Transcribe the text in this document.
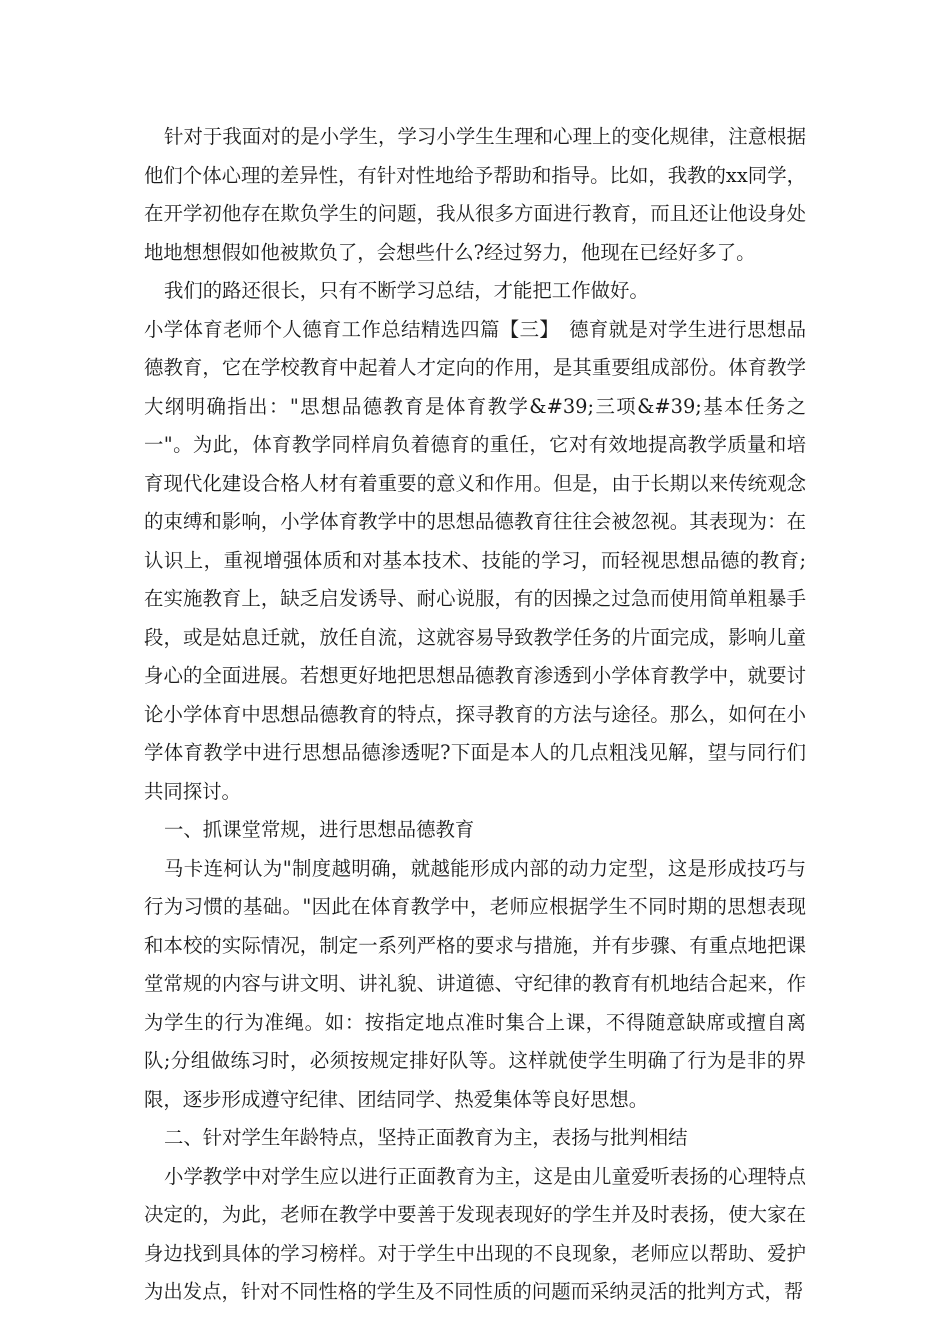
针对于我面对的是小学生，学习小学生生理和心理上的变化规律，注意根据他们个体心理的差异性，有针对性地给予帮助和指导。比如，我教的xx同学，在开学初他存在欺负学生的问题，我从很多方面进行教育，而且还让他设身处地地想想假如他被欺负了，会想些什么?经过努力，他现在已经好多了。

我们的路还很长，只有不断学习总结，才能把工作做好。

小学体育老师个人德育工作总结精选四篇【三】　德育就是对学生进行思想品德教育，它在学校教育中起着人才定向的作用，是其重要组成部份。体育教学大纲明确指出："思想品德教育是体育教学&#39;三项&#39;基本任务之一"。为此，体育教学同样肩负着德育的重任，它对有效地提高教学质量和培育现代化建设合格人材有着重要的意义和作用。但是，由于长期以来传统观念的束缚和影响，小学体育教学中的思想品德教育往往会被忽视。其表现为：在认识上，重视增强体质和对基本技术、技能的学习，而轻视思想品德的教育;在实施教育上，缺乏启发诱导、耐心说服，有的因操之过急而使用简单粗暴手段，或是姑息迁就，放任自流，这就容易导致教学任务的片面完成，影响儿童身心的全面进展。若想更好地把思想品德教育渗透到小学体育教学中，就要讨论小学体育中思想品德教育的特点，探寻教育的方法与途径。那么，如何在小学体育教学中进行思想品德渗透呢?下面是本人的几点粗浅见解，望与同行们共同探讨。

一、抓课堂常规，进行思想品德教育

马卡连柯认为"制度越明确，就越能形成内部的动力定型，这是形成技巧与行为习惯的基础。"因此在体育教学中，老师应根据学生不同时期的思想表现和本校的实际情况，制定一系列严格的要求与措施，并有步骤、有重点地把课堂常规的内容与讲文明、讲礼貌、讲道德、守纪律的教育有机地结合起来，作为学生的行为准绳。如：按指定地点准时集合上课，不得随意缺席或擅自离队;分组做练习时，必须按规定排好队等。这样就使学生明确了行为是非的界限，逐步形成遵守纪律、团结同学、热爱集体等良好思想。

二、针对学生年龄特点，坚持正面教育为主，表扬与批判相结

小学教学中对学生应以进行正面教育为主，这是由儿童爱听表扬的心理特点决定的，为此，老师在教学中要善于发现表现好的学生并及时表扬，使大家在身边找到具体的学习榜样。对于学生中出现的不良现象，老师应以帮助、爱护为出发点，针对不同性格的学生及不同性质的问题而采纳灵活的批判方式，帮
